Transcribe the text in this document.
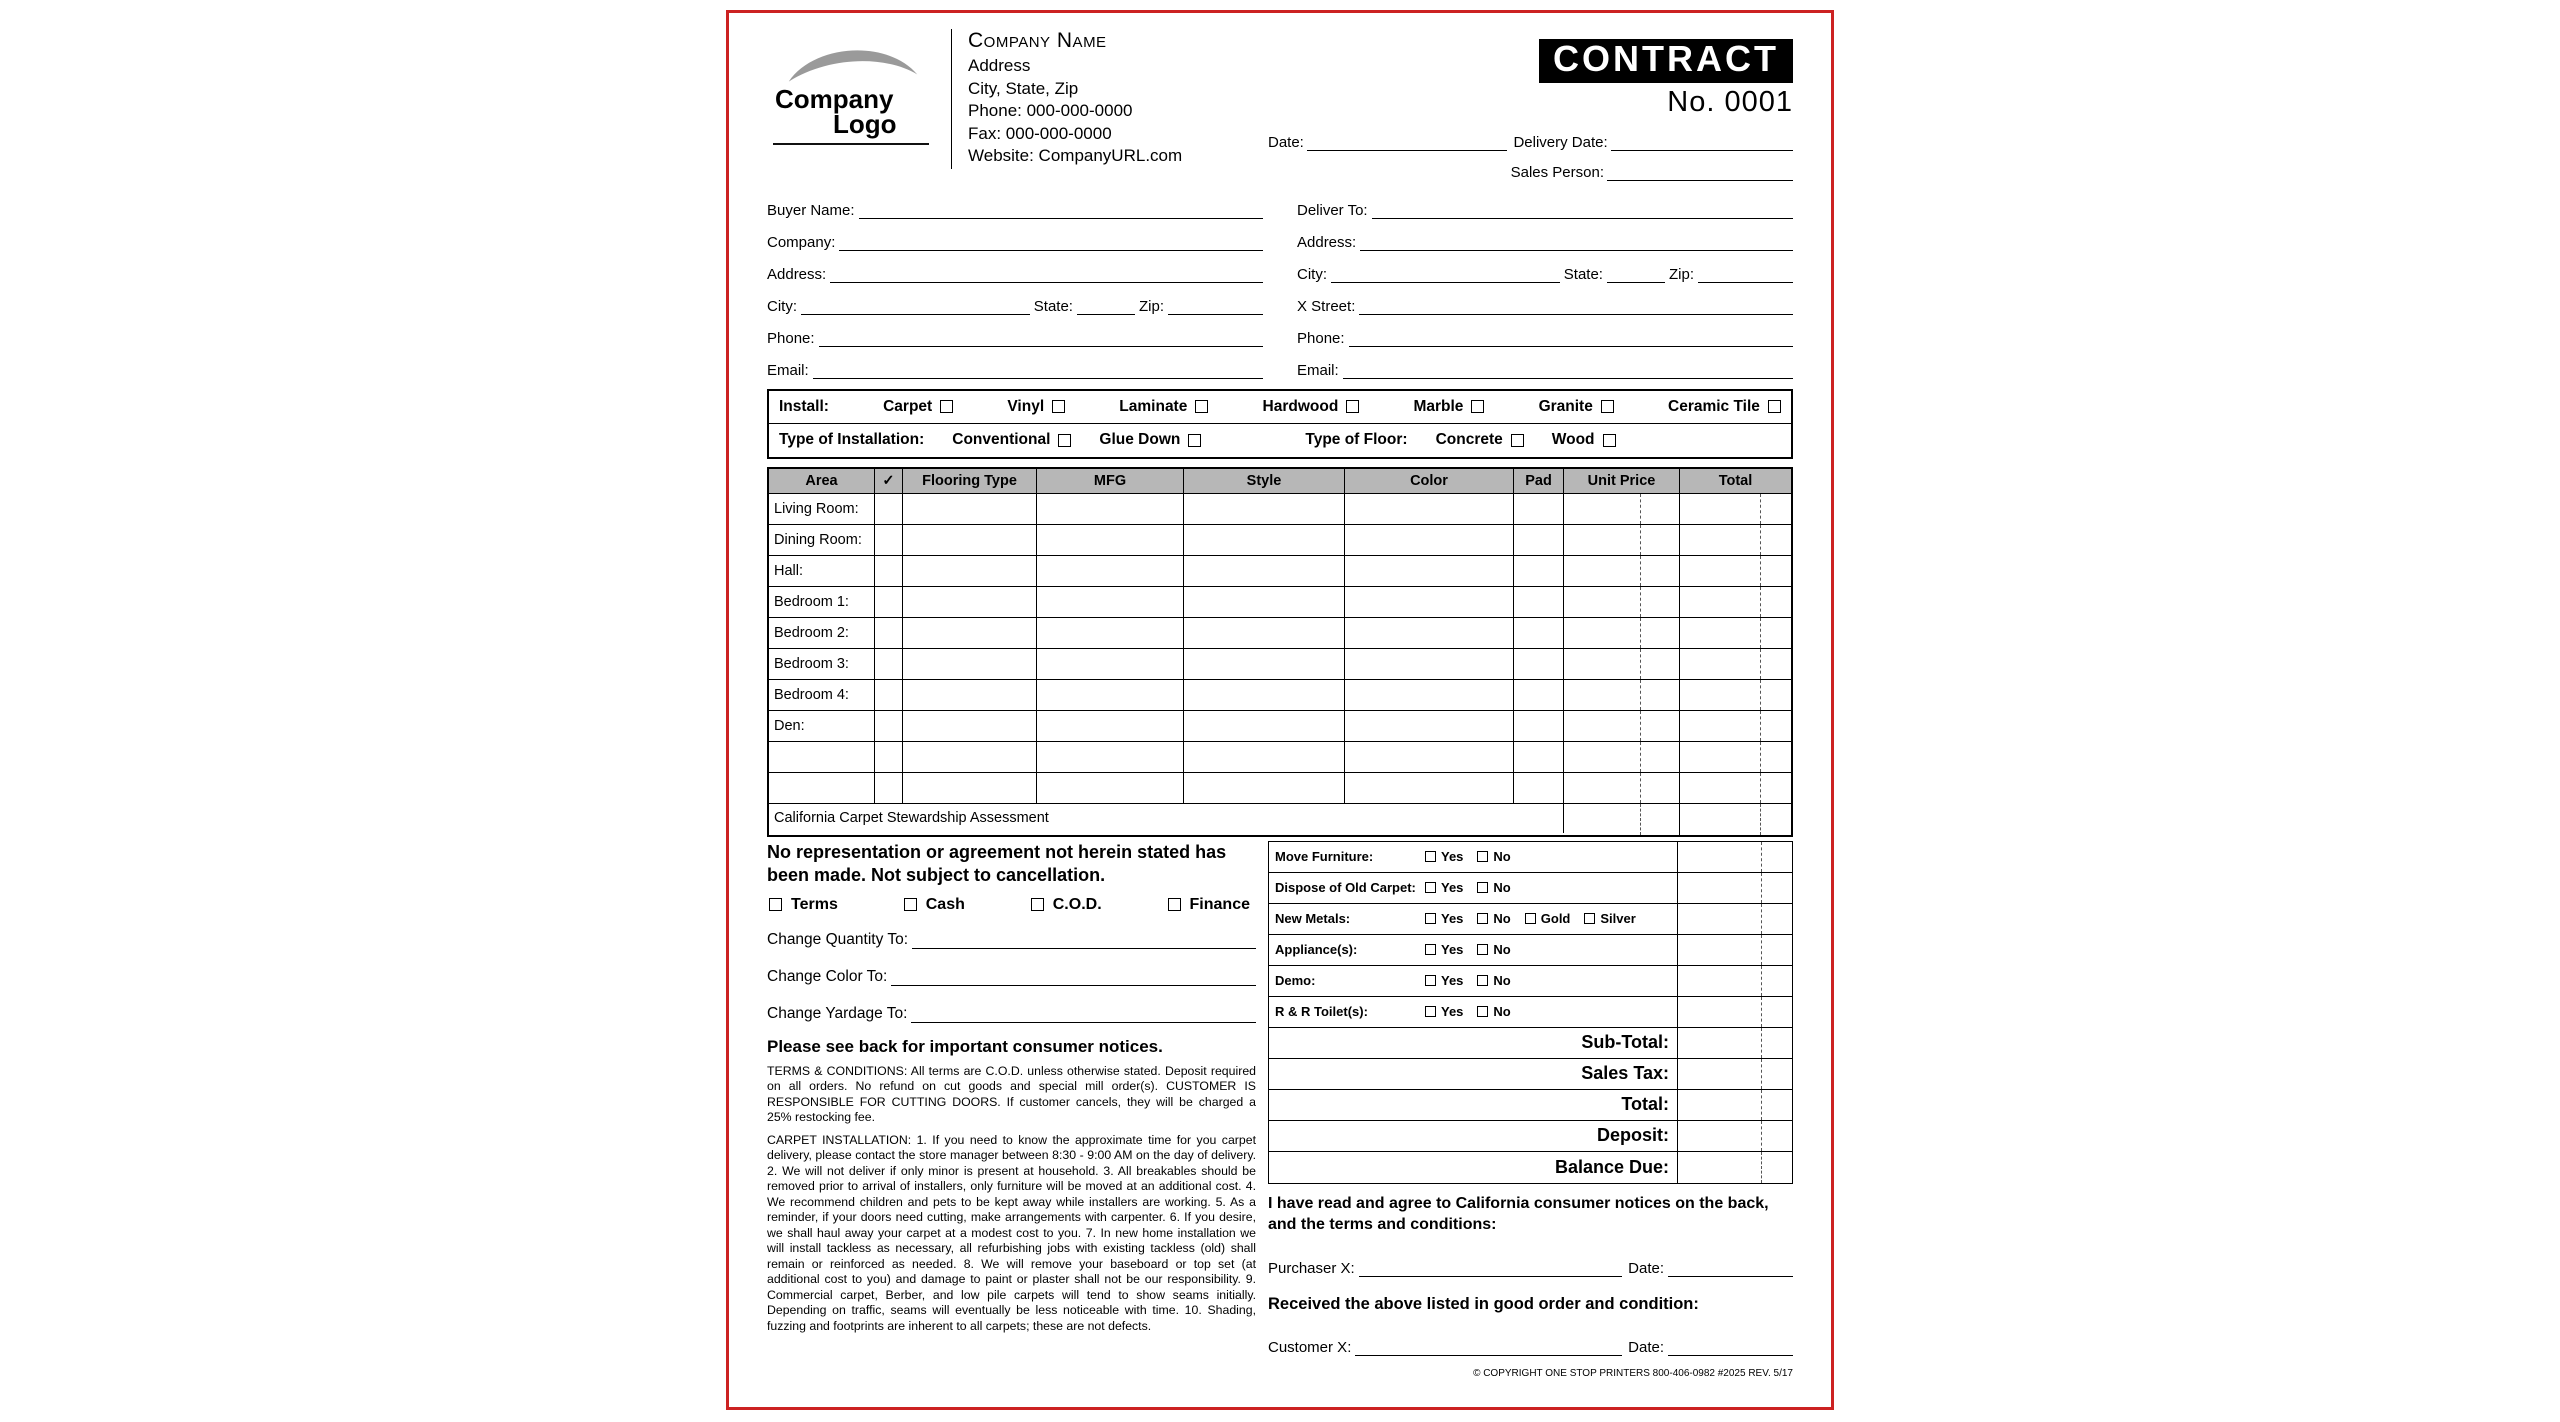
Company
Logo
Company Name
Address
City, State, Zip
Phone: 000-000-0000
Fax: 000-000-0000
Website: CompanyURL.com
CONTRACT
No. 0001
Date:	Delivery Date:
Sales Person:
Buyer Name:
Company:
Address:
City:	State:	Zip:
Phone:
Email:
Deliver To:
Address:
City:	State:	Zip:
X Street:
Phone:
Email:
Install:	Carpet	Vinyl	Laminate	Hardwood	Marble	Granite	Ceramic Tile
Type of Installation: Conventional	Glue Down	Type of Floor: Concrete	Wood
Area	✓	Flooring Type	MFG	Style	Color	Pad	Unit Price	Total
Living Room:
Dining Room:
Hall:
Bedroom 1:
Bedroom 2:
Bedroom 3:
Bedroom 4:
Den:
California Carpet Stewardship Assessment
No representation or agreement not herein stated has been made. Not subject to cancellation.
Terms	Cash	C.O.D.	Finance
Change Quantity To:
Change Color To:
Change Yardage To:
Please see back for important consumer notices.
TERMS & CONDITIONS: All terms are C.O.D. unless otherwise stated. Deposit required on all orders. No refund on cut goods and special mill order(s). CUSTOMER IS RESPONSIBLE FOR CUTTING DOORS. If customer cancels, they will be charged a 25% restocking fee.
CARPET INSTALLATION: 1. If you need to know the approximate time for you carpet delivery, please contact the store manager between 8:30 - 9:00 AM on the day of delivery. 2. We will not deliver if only minor is present at household. 3. All breakables should be removed prior to arrival of installers, only furniture will be moved at an additional cost. 4. We recommend children and pets to be kept away while installers are working. 5. As a reminder, if your doors need cutting, make arrangements with carpenter. 6. If you desire, we shall haul away your carpet at a modest cost to you. 7. In new home installation we will install tackless as necessary, all refurbishing jobs with existing tackless (old) shall remain or reinforced as needed. 8. We will remove your baseboard or top set (at additional cost to you) and damage to paint or plaster shall not be our responsibility. 9. Commercial carpet, Berber, and low pile carpets will tend to show seams initially. Depending on traffic, seams will eventually be less noticeable with time. 10. Shading, fuzzing and footprints are inherent to all carpets; these are not defects.
Move Furniture:	Yes No
Dispose of Old Carpet:	Yes No
New Metals:	Yes No Gold Silver
Appliance(s):	Yes No
Demo:	Yes No
R & R Toilet(s):	Yes No
Sub-Total:
Sales Tax:
Total:
Deposit:
Balance Due:
I have read and agree to California consumer notices on the back, and the terms and conditions:
Purchaser X:	Date:
Received the above listed in good order and condition:
Customer X:	Date:
© COPYRIGHT ONE STOP PRINTERS 800-406-0982 #2025 REV. 5/17
